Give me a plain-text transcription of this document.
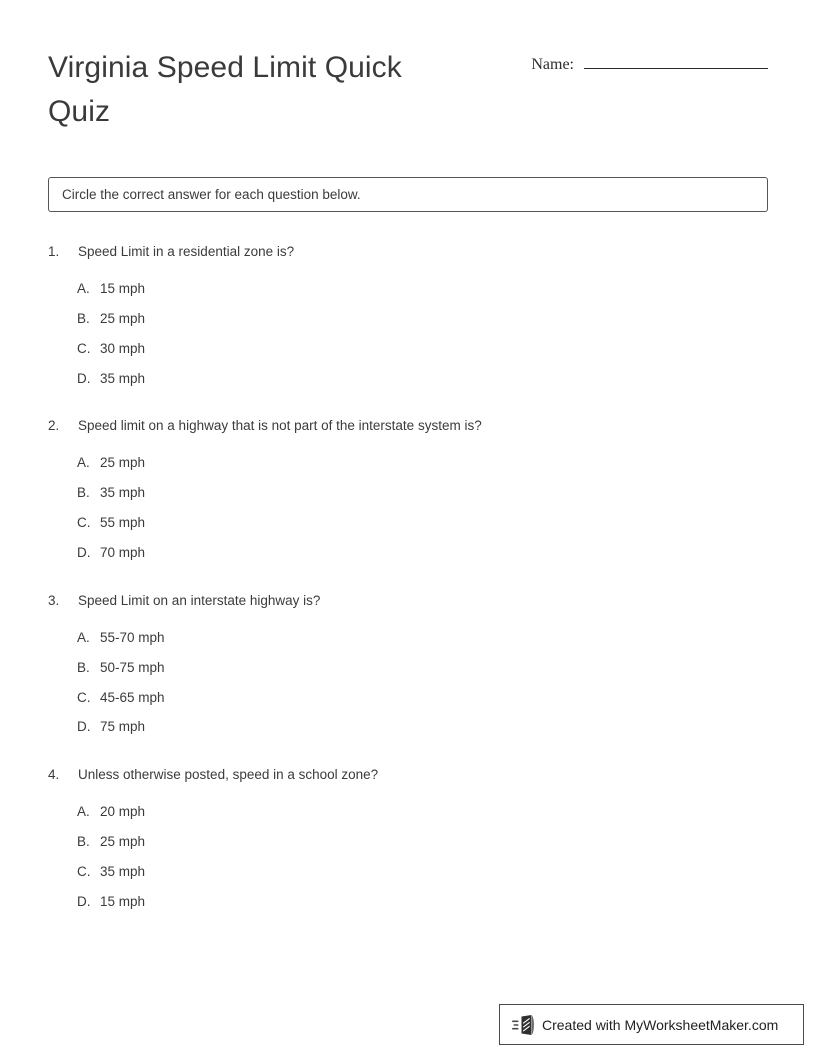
Virginia Speed Limit Quick Quiz
Name:
Circle the correct answer for each question below.
1.	Speed Limit in a residential zone is?
A. 15 mph
B. 25 mph
C. 30 mph
D. 35 mph
2.	Speed limit on a highway that is not part of the interstate system is?
A. 25 mph
B. 35 mph
C. 55 mph
D. 70 mph
3.	Speed Limit on an interstate highway is?
A. 55-70 mph
B. 50-75 mph
C. 45-65 mph
D. 75 mph
4.	Unless otherwise posted, speed in a school zone?
A. 20 mph
B. 25 mph
C. 35 mph
D. 15 mph
Created with MyWorksheetMaker.com
